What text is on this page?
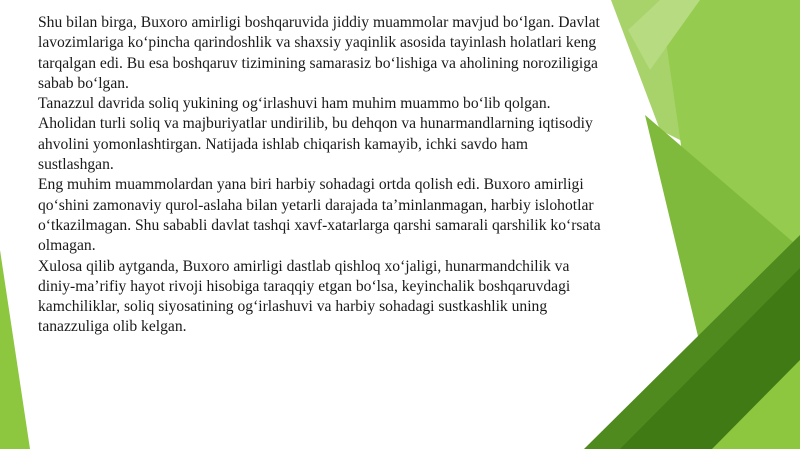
Shu bilan birga, Buxoro amirligi boshqaruvida jiddiy muammolar mavjud bo‘lgan. Davlat lavozimlariga ko‘pincha qarindoshlik va shaxsiy yaqinlik asosida tayinlash holatlari keng tarqalgan edi. Bu esa boshqaruv tizimining samarasiz bo‘lishiga va aholining noroziligiga sabab bo‘lgan.

Tanazzul davrida soliq yukining og‘irlashuvi ham muhim muammo bo‘lib qolgan. Aholidan turli soliq va majburiyatlar undirilib, bu dehqon va hunarmandlarning iqtisodiy ahvolini yomonlashtirgan. Natijada ishlab chiqarish kamayib, ichki savdo ham sustlashgan.

Eng muhim muammolardan yana biri harbiy sohadagi ortda qolish edi. Buxoro amirligi qo‘shini zamonaviy qurol-aslaha bilan yetarli darajada ta’minlanmagan, harbiy islohotlar o‘tkazilmagan. Shu sababli davlat tashqi xavf-xatarlarga qarshi samarali qarshilik ko‘rsata olmagan.

Xulosa qilib aytganda, Buxoro amirligi dastlab qishloq xo‘jaligi, hunarmandchilik va diniy-ma’rifiy hayot rivoji hisobiga taraqqiy etgan bo‘lsa, keyinchalik boshqaruvdagi kamchiliklar, soliq siyosatining og‘irlashuvi va harbiy sohadagi sustkashlik uning tanazzuliga olib kelgan.
